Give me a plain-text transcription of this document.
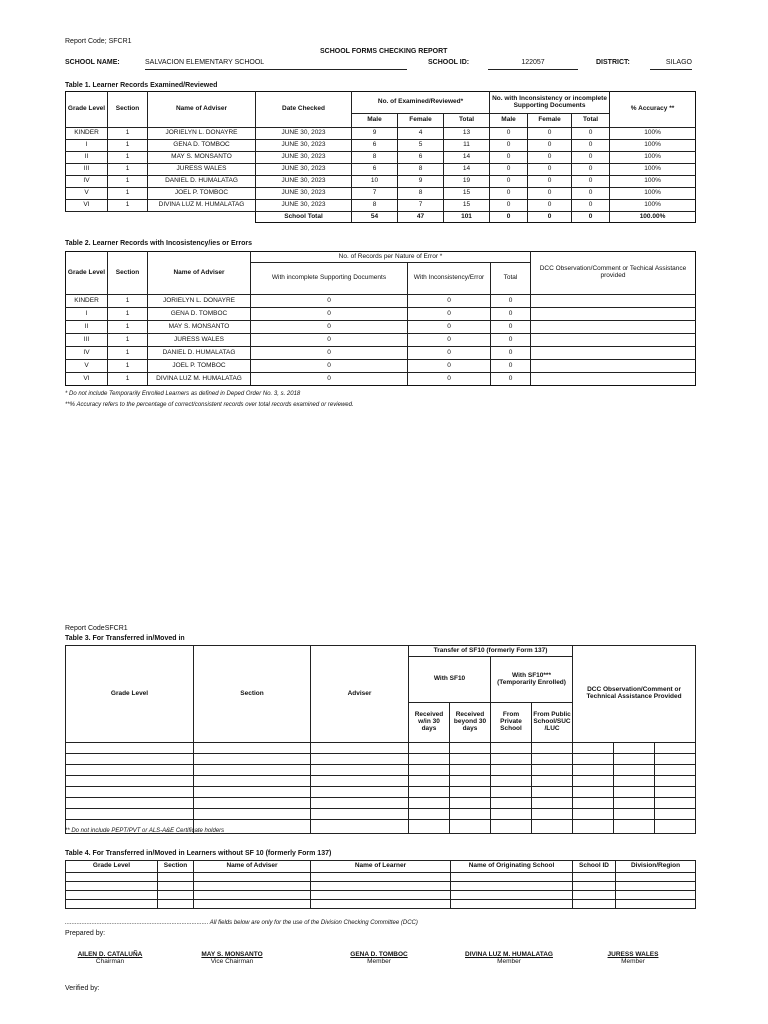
Report Code; SFCR1
SCHOOL FORMS CHECKING REPORT
SCHOOL NAME:	SALVACION ELEMENTARY SCHOOL	SCHOOL ID:	122057	DISTRICT:	SILAGO
Table 1. Learner Records Examined/Reviewed
Grade Level	Section	Name of Adviser	Date Checked	No. of Examined/Reviewed*			No. with Inconsistency or incomplete Supporting Documents			% Accuracy **
				Male	Female	Total	Male	Female	Total	
KINDER	1	JORIELYN L. DONAYRE	JUNE 30, 2023	9	4	13	0	0	0	100%
I	1	GENA D. TOMBOC	JUNE 30, 2023	6	5	11	0	0	0	100%
II	1	MAY S. MONSANTO	JUNE 30, 2023	8	6	14	0	0	0	100%
III	1	JURESS WALES	JUNE 30, 2023	6	8	14	0	0	0	100%
IV	1	DANIEL D. HUMALATAG	JUNE 30, 2023	10	9	19	0	0	0	100%
V	1	JOEL P. TOMBOC	JUNE 30, 2023	7	8	15	0	0	0	100%
VI	1	DIVINA LUZ M. HUMALATAG	JUNE 30, 2023	8	7	15	0	0	0	100%
			School Total	54	47	101	0	0	0	100.00%
Table 2. Learner Records with Incosistency/ies or Errors
Grade Level	Section	Name of Adviser	No. of Records per Nature of Error *			DCC Observation/Comment or Techical Assistance provided
			With incomplete Supporting Documents	With Inconsistency/Error	Total	
KINDER	1	JORIELYN L. DONAYRE	0	0	0	
I	1	GENA D. TOMBOC	0	0	0	
II	1	MAY S. MONSANTO	0	0	0	
III	1	JURESS WALES	0	0	0	
IV	1	DANIEL D. HUMALATAG	0	0	0	
V	1	JOEL P. TOMBOC	0	0	0	
VI	1	DIVINA LUZ M. HUMALATAG	0	0	0	
* Do not include Temporarily Enrolled Learners as defined in Deped Order No. 3, s. 2018
**% Accuracy refers to the percentage of correct/consistent records over total records examined or reviewed.
Report CodeSFCR1
Table 3. For Transferred in/Moved in
Grade Level	Section	Adviser	Transfer of SF10 (formerly Form 137)				DCC Observation/Comment or Technical Assistance Provided		
			With SF10		With SF10*** (Temporarily Enrolled)				
			Received w/in 30 days	Received beyond 30 days	From Private School	From Public School/SUC /LUC			

** Do not include PEPT/PVT or ALS-A&E Certificate holders
Table 4. For Transferred in/Moved in Learners without SF 10 (formerly Form 137)
Grade Level	Section	Name of Adviser	Name of Learner	Name of Originating School	School ID	Division/Region

...................................................................................... All fields below are only for the use of the Division Checking Committee (DCC)
Prepared by:
AILEN D. CATALUÑA
Chairman
MAY S. MONSANTO
Vice Chairman
GENA D. TOMBOC
Member
DIVINA LUZ M. HUMALATAG
Member
JURESS WALES
Member
Verified by:
